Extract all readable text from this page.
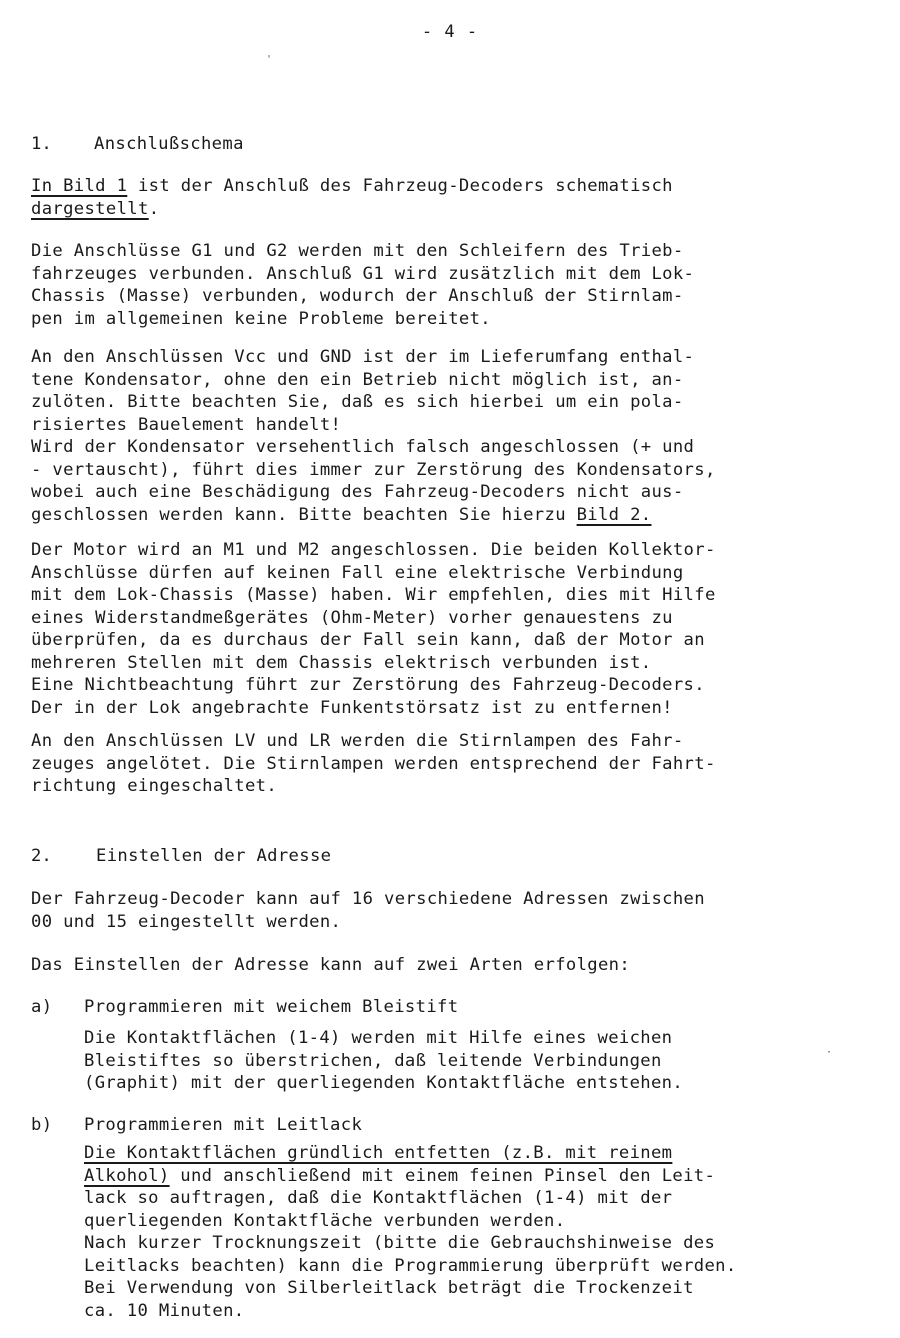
- 4 -
'
1. Anschlußschema
In Bild 1 ist der Anschluß des Fahrzeug-Decoders schematisch
dargestellt.
Die Anschlüsse G1 und G2 werden mit den Schleifern des Trieb-
fahrzeuges verbunden. Anschluß G1 wird zusätzlich mit dem Lok-
Chassis (Masse) verbunden, wodurch der Anschluß der Stirnlam-
pen im allgemeinen keine Probleme bereitet.
An den Anschlüssen Vcc und GND ist der im Lieferumfang enthal-
tene Kondensator, ohne den ein Betrieb nicht möglich ist, an-
zulöten. Bitte beachten Sie, daß es sich hierbei um ein pola-
risiertes Bauelement handelt!
Wird der Kondensator versehentlich falsch angeschlossen (+ und
- vertauscht), führt dies immer zur Zerstörung des Kondensators,
wobei auch eine Beschädigung des Fahrzeug-Decoders nicht aus-
geschlossen werden kann. Bitte beachten Sie hierzu Bild 2.
Der Motor wird an M1 und M2 angeschlossen. Die beiden Kollektor-
Anschlüsse dürfen auf keinen Fall eine elektrische Verbindung
mit dem Lok-Chassis (Masse) haben. Wir empfehlen, dies mit Hilfe
eines Widerstandmeßgerätes (Ohm-Meter) vorher genauestens zu
überprüfen, da es durchaus der Fall sein kann, daß der Motor an
mehreren Stellen mit dem Chassis elektrisch verbunden ist.
Eine Nichtbeachtung führt zur Zerstörung des Fahrzeug-Decoders.
Der in der Lok angebrachte Funkentstörsatz ist zu entfernen!
An den Anschlüssen LV und LR werden die Stirnlampen des Fahr-
zeuges angelötet. Die Stirnlampen werden entsprechend der Fahrt-
richtung eingeschaltet.
2.	Einstellen der Adresse
Der Fahrzeug-Decoder kann auf 16 verschiedene Adressen zwischen
00 und 15 eingestellt werden.
Das Einstellen der Adresse kann auf zwei Arten erfolgen:
a) Programmieren mit weichem Bleistift
Die Kontaktflächen (1-4) werden mit Hilfe eines weichen
Bleistiftes so überstrichen, daß leitende Verbindungen
(Graphit) mit der querliegenden Kontaktfläche entstehen.
·
b) Programmieren mit Leitlack
Die Kontaktflächen gründlich entfetten (z.B. mit reinem
Alkohol) und anschließend mit einem feinen Pinsel den Leit-
lack so auftragen, daß die Kontaktflächen (1-4) mit der
querliegenden Kontaktfläche verbunden werden.
Nach kurzer Trocknungszeit (bitte die Gebrauchshinweise des
Leitlacks beachten) kann die Programmierung überprüft werden.
Bei Verwendung von Silberleitlack beträgt die Trockenzeit
ca. 10 Minuten.
